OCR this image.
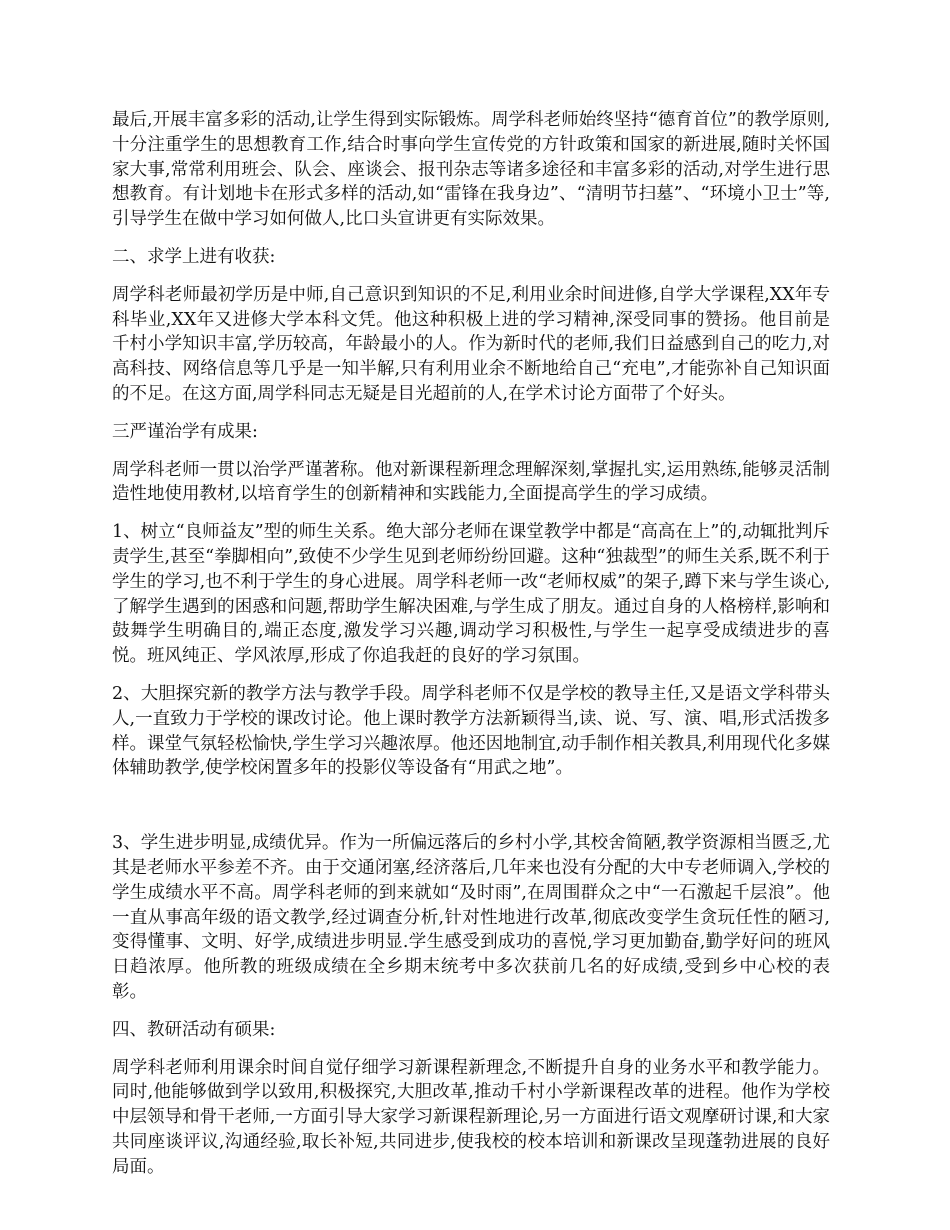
最后,开展丰富多彩的活动,让学生得到实际锻炼。周学科老师始终坚持“德育首位”的教学原则,十分注重学生的思想教育工作,结合时事向学生宣传党的方针政策和国家的新进展,随时关怀国家大事,常常利用班会、队会、座谈会、报刊杂志等诸多途径和丰富多彩的活动,对学生进行思想教育。有计划地卡在形式多样的活动,如“雷锋在我身边”、“清明节扫墓”、“环境小卫士”等,引导学生在做中学习如何做人,比口头宣讲更有实际效果。

二、求学上进有收获:

周学科老师最初学历是中师,自己意识到知识的不足,利用业余时间进修,自学大学课程,XX年专科毕业,XX年又进修大学本科文凭。他这种积极上进的学习精神,深受同事的赞扬。他目前是千村小学知识丰富,学历较高，年龄最小的人。作为新时代的老师,我们日益感到自己的吃力,对高科技、网络信息等几乎是一知半解,只有利用业余不断地给自己“充电”,才能弥补自己知识面的不足。在这方面,周学科同志无疑是目光超前的人,在学术讨论方面带了个好头。

三严谨治学有成果:

周学科老师一贯以治学严谨著称。他对新课程新理念理解深刻,掌握扎实,运用熟练,能够灵活制造性地使用教材,以培育学生的创新精神和实践能力,全面提高学生的学习成绩。

1、树立“良师益友”型的师生关系。绝大部分老师在课堂教学中都是“高高在上”的,动辄批判斥责学生,甚至“拳脚相向”,致使不少学生见到老师纷纷回避。这种“独裁型”的师生关系,既不利于学生的学习,也不利于学生的身心进展。周学科老师一改“老师权威”的架子,蹲下来与学生谈心,了解学生遇到的困惑和问题,帮助学生解决困难,与学生成了朋友。通过自身的人格榜样,影响和鼓舞学生明确目的,端正态度,激发学习兴趣,调动学习积极性,与学生一起享受成绩进步的喜悦。班风纯正、学风浓厚,形成了你追我赶的良好的学习氛围。

2、大胆探究新的教学方法与教学手段。周学科老师不仅是学校的教导主任,又是语文学科带头人,一直致力于学校的课改讨论。他上课时教学方法新颖得当,读、说、写、演、唱,形式活拨多样。课堂气氛轻松愉快,学生学习兴趣浓厚。他还因地制宜,动手制作相关教具,利用现代化多媒体辅助教学,使学校闲置多年的投影仪等设备有“用武之地”。

3、学生进步明显,成绩优异。作为一所偏远落后的乡村小学,其校舍简陋,教学资源相当匮乏,尤其是老师水平参差不齐。由于交通闭塞,经济落后,几年来也没有分配的大中专老师调入,学校的学生成绩水平不高。周学科老师的到来就如“及时雨”,在周围群众之中“一石激起千层浪”。他一直从事高年级的语文教学,经过调查分析,针对性地进行改革,彻底改变学生贪玩任性的陋习,变得懂事、文明、好学,成绩进步明显.学生感受到成功的喜悦,学习更加勤奋,勤学好问的班风日趋浓厚。他所教的班级成绩在全乡期末统考中多次获前几名的好成绩,受到乡中心校的表彰。

四、教研活动有硕果:

周学科老师利用课余时间自觉仔细学习新课程新理念,不断提升自身的业务水平和教学能力。同时,他能够做到学以致用,积极探究,大胆改革,推动千村小学新课程改革的进程。他作为学校中层领导和骨干老师,一方面引导大家学习新课程新理论,另一方面进行语文观摩研讨课,和大家共同座谈评议,沟通经验,取长补短,共同进步,使我校的校本培训和新课改呈现蓬勃进展的良好局面。
